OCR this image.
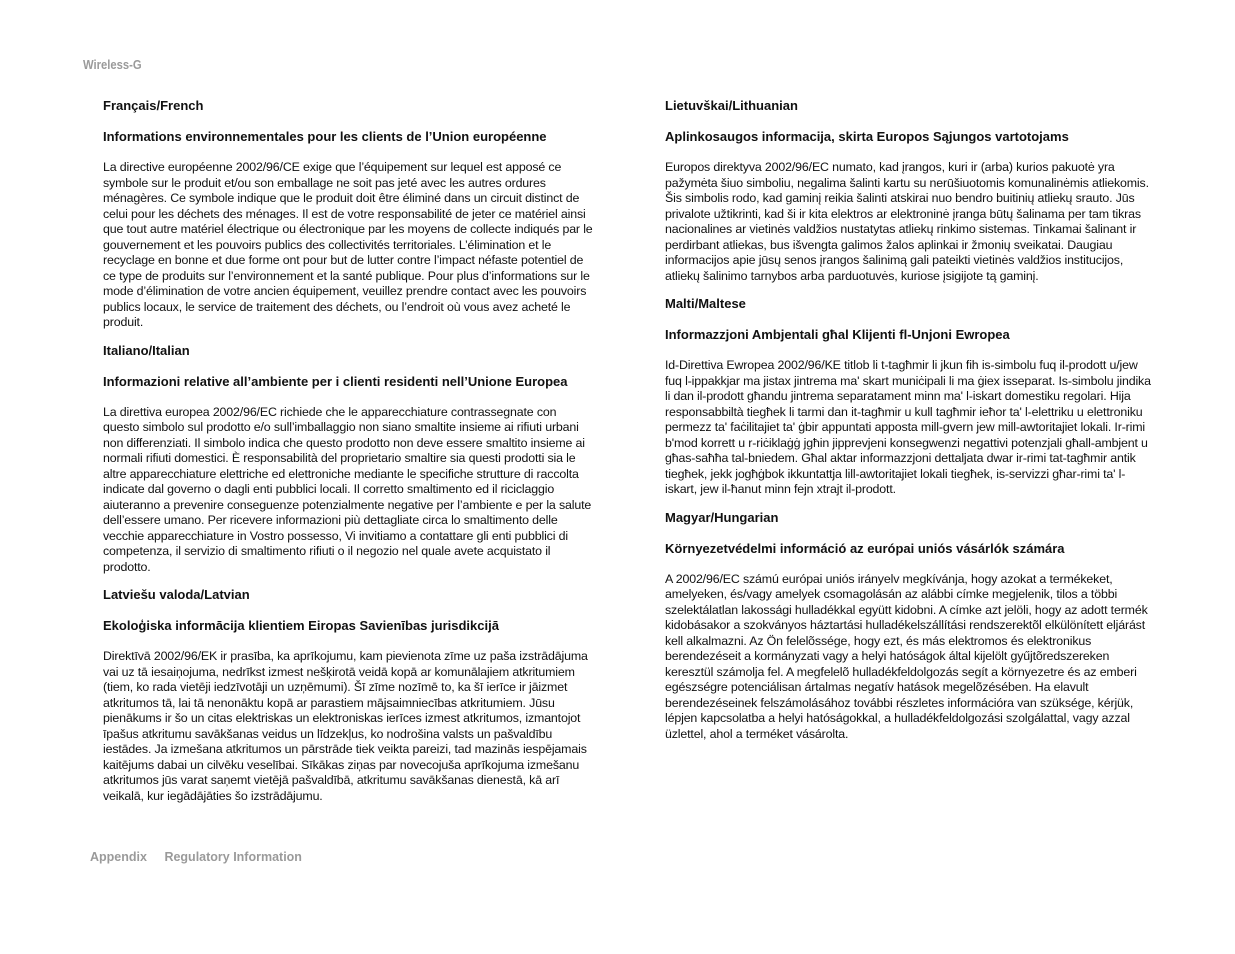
Wireless-G
Français/French
Informations environnementales pour les clients de l’Union européenne

La directive européenne 2002/96/CE exige que l’équipement sur lequel est apposé ce symbole sur le produit et/ou son emballage ne soit pas jeté avec les autres ordures ménagères. Ce symbole indique que le produit doit être éliminé dans un circuit distinct de celui pour les déchets des ménages. Il est de votre responsabilité de jeter ce matériel ainsi que tout autre matériel électrique ou électronique par les moyens de collecte indiqués par le gouvernement et les pouvoirs publics des collectivités territoriales. L’élimination et le recyclage en bonne et due forme ont pour but de lutter contre l’impact néfaste potentiel de ce type de produits sur l’environnement et la santé publique. Pour plus d’informations sur le mode d’élimination de votre ancien équipement, veuillez prendre contact avec les pouvoirs publics locaux, le service de traitement des déchets, ou l’endroit où vous avez acheté le produit.

Italiano/Italian
Informazioni relative all’ambiente per i clienti residenti nell’Unione Europea

La direttiva europea 2002/96/EC richiede che le apparecchiature contrassegnate con questo simbolo sul prodotto e/o sull’imballaggio non siano smaltite insieme ai rifiuti urbani non differenziati. Il simbolo indica che questo prodotto non deve essere smaltito insieme ai normali rifiuti domestici. È responsabilità del proprietario smaltire sia questi prodotti sia le altre apparecchiature elettriche ed elettroniche mediante le specifiche strutture di raccolta indicate dal governo o dagli enti pubblici locali. Il corretto smaltimento ed il riciclaggio aiuteranno a prevenire conseguenze potenzialmente negative per l’ambiente e per la salute dell’essere umano. Per ricevere informazioni più dettagliate circa lo smaltimento delle vecchie apparecchiature in Vostro possesso, Vi invitiamo a contattare gli enti pubblici di competenza, il servizio di smaltimento rifiuti o il negozio nel quale avete acquistato il prodotto.

Latviešu valoda/Latvian
Ekoloģiska informācija klientiem Eiropas Savienības jurisdikcijā

Direktīvā 2002/96/EK ir prasība, ka aprīkojumu, kam pievienota zīme uz paša izstrādājuma vai uz tā iesaiņojuma, nedrīkst izmest nešķirotā veidā kopā ar komunālajiem atkritumiem (tiem, ko rada vietēji iedzīvotāji un uzņēmumi). Šī zīme nozīmē to, ka šī ierīce ir jāizmet atkritumos tā, lai tā nenonāktu kopā ar parastiem mājsaimniecības atkritumiem. Jūsu pienākums ir šo un citas elektriskas un elektroniskas ierīces izmest atkritumos, izmantojot īpašus atkritumu savākšanas veidus un līdzekļus, ko nodrošina valsts un pašvaldību iestādes. Ja izmešana atkritumos un pārstrāde tiek veikta pareizi, tad mazinās iespējamais kaitējums dabai un cilvēku veselībai. Sīkākas ziņas par novecojuša aprīkojuma izmešanu atkritumos jūs varat saņemt vietējā pašvaldībā, atkritumu savākšanas dienestā, kā arī veikalā, kur iegādājāties šo izstrādājumu.

Lietuvškai/Lithuanian
Aplinkosaugos informacija, skirta Europos Sąjungos vartotojams

Europos direktyva 2002/96/EC numato, kad įrangos, kuri ir (arba) kurios pakuotė yra pažymėta šiuo simboliu, negalima šalinti kartu su nerūšiuotomis komunalinėmis atliekomis. Šis simbolis rodo, kad gaminį reikia šalinti atskirai nuo bendro buitinių atliekų srauto. Jūs privalote užtikrinti, kad ši ir kita elektros ar elektroninė įranga būtų šalinama per tam tikras nacionalines ar vietinės valdžios nustatytas atliekų rinkimo sistemas. Tinkamai šalinant ir perdirbant atliekas, bus išvengta galimos žalos aplinkai ir žmonių sveikatai. Daugiau informacijos apie jūsų senos įrangos šalinimą gali pateikti vietinės valdžios institucijos, atliekų šalinimo tarnybos arba parduotuvės, kuriose įsigijote tą gaminį.

Malti/Maltese
Informazzjoni Ambjentali għal Klijenti fl-Unjoni Ewropea

Id-Direttiva Ewropea 2002/96/KE titlob li t-tagħmir li jkun fih is-simbolu fuq il-prodott u/jew fuq l-ippakkjar ma jistax jintrema ma' skart muniċipali li ma ġiex isseparat. Is-simbolu jindika li dan il-prodott għandu jintrema separatament minn ma' l-iskart domestiku regolari. Hija responsabbiltà tiegħek li tarmi dan it-tagħmir u kull tagħmir ieħor ta' l-elettriku u elettroniku permezz ta' faċilitajiet ta' ġbir appuntati apposta mill-gvern jew mill-awtoritajiet lokali. Ir-rimi b'mod korrett u r-riċiklaġġ jgħin jipprevjeni konsegwenzi negattivi potenzjali għall-ambjent u għas-saħħa tal-bniedem. Għal aktar informazzjoni dettaljata dwar ir-rimi tat-tagħmir antik tiegħek, jekk jogħġbok ikkuntattja lill-awtoritajiet lokali tiegħek, is-servizzi għar-rimi ta' l-iskart, jew il-ħanut minn fejn xtrajt il-prodott.

Magyar/Hungarian
Környezetvédelmi információ az európai uniós vásárlók számára

A 2002/96/EC számú európai uniós irányelv megkívánja, hogy azokat a termékeket, amelyeken, és/vagy amelyek csomagolásán az alábbi címke megjelenik, tilos a többi szelektálatlan lakossági hulladékkal együtt kidobni. A címke azt jelöli, hogy az adott termék kidobásakor a szokványos háztartási hulladékelszállítási rendszerektõl elkülönített eljárást kell alkalmazni. Az Ön felelõssége, hogy ezt, és más elektromos és elektronikus berendezéseit a kormányzati vagy a helyi hatóságok által kijelölt gyűjtõredszereken keresztül számolja fel. A megfelelõ hulladékfeldolgozás segít a környezetre és az emberi egészségre potenciálisan ártalmas negatív hatások megelõzésében. Ha elavult berendezéseinek felszámolásához további részletes információra van szüksége, kérjük, lépjen kapcsolatba a helyi hatóságokkal, a hulladékfeldolgozási szolgálattal, vagy azzal üzlettel, ahol a terméket vásárolta.

Appendix Regulatory Information
